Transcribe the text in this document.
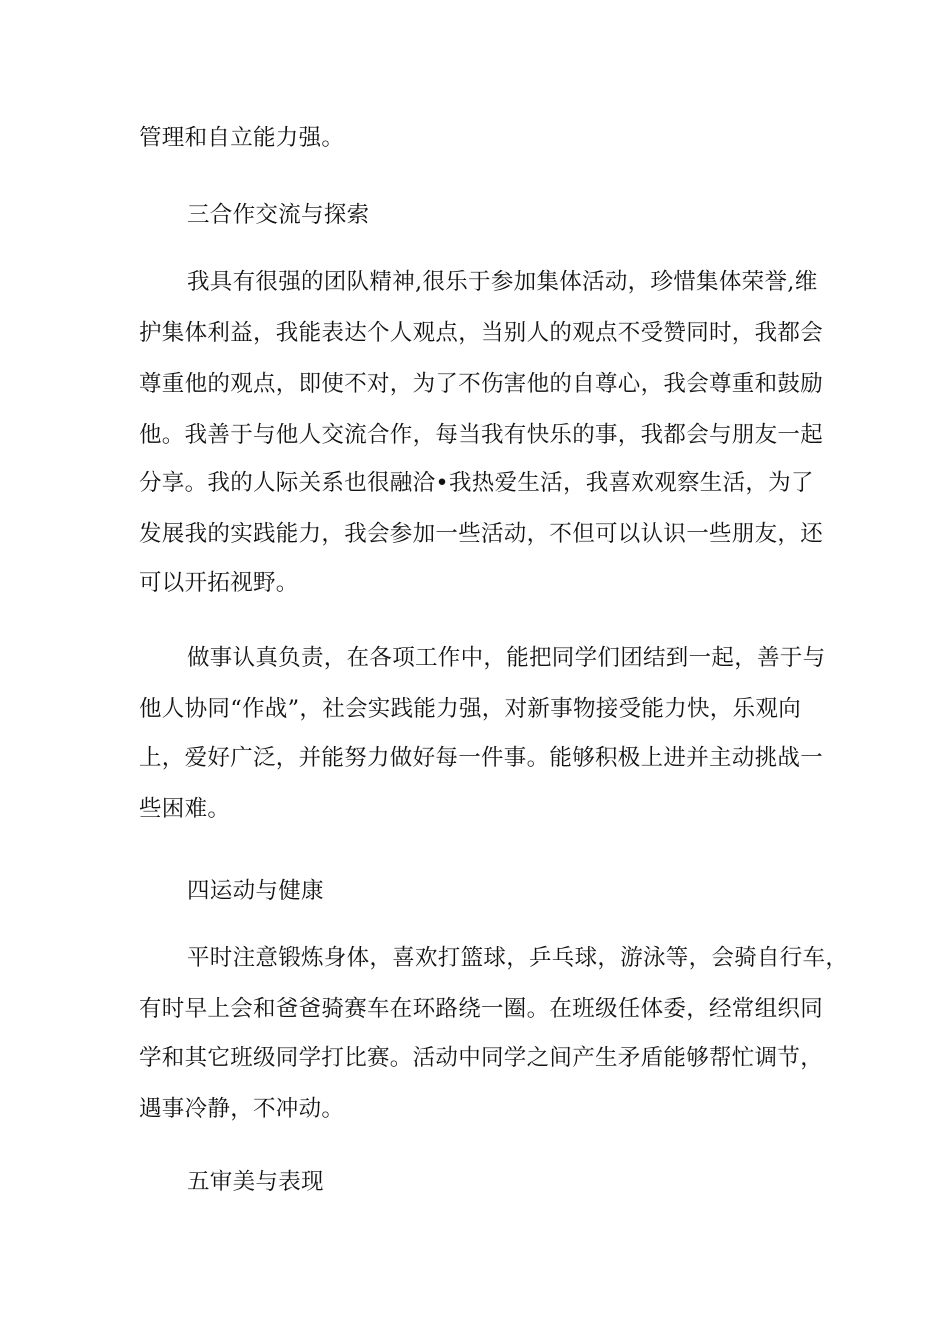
管理和自立能力强。
三合作交流与探索
我具有很强的团队精神,很乐于参加集体活动，珍惜集体荣誉,维
护集体利益，我能表达个人观点，当别人的观点不受赞同时，我都会
尊重他的观点，即使不对，为了不伤害他的自尊心，我会尊重和鼓励
他。我善于与他人交流合作，每当我有快乐的事，我都会与朋友一起
分享。我的人际关系也很融洽•我热爱生活，我喜欢观察生活，为了
发展我的实践能力，我会参加一些活动，不但可以认识一些朋友，还
可以开拓视野。
做事认真负责，在各项工作中，能把同学们团结到一起，善于与
他人协同“作战”，社会实践能力强，对新事物接受能力快，乐观向
上，爱好广泛，并能努力做好每一件事。能够积极上进并主动挑战一
些困难。
四运动与健康
平时注意锻炼身体，喜欢打篮球，乒乓球，游泳等，会骑自行车，
有时早上会和爸爸骑赛车在环路绕一圈。在班级任体委，经常组织同
学和其它班级同学打比赛。活动中同学之间产生矛盾能够帮忙调节，
遇事冷静，不冲动。
五审美与表现
